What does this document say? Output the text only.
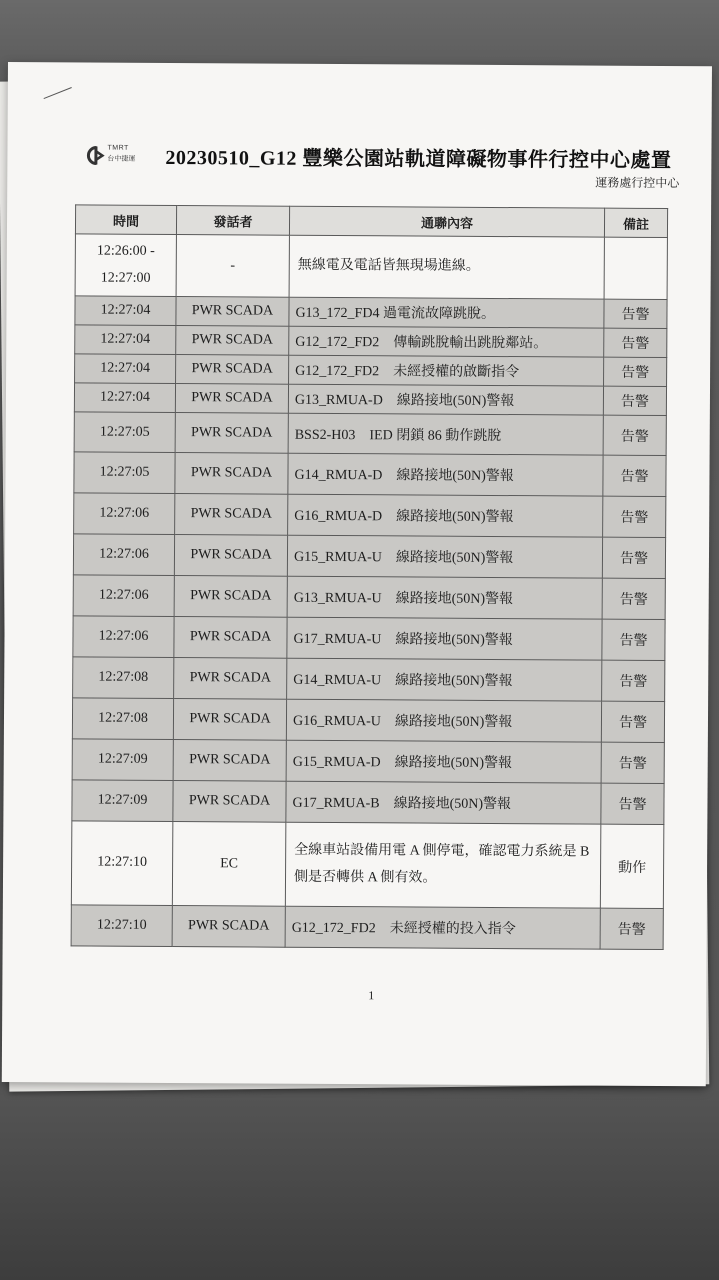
TMRT
台中捷運 20230510_G12 豐樂公園站軌道障礙物事件行控中心處置
運務處行控中心
時間	發話者	通聯內容	備註
12:26:00 - 12:27:00	-	無線電及電話皆無現場進線。	
12:27:04	PWR SCADA	G13_172_FD4 過電流故障跳脫。	告警
12:27:04	PWR SCADA	G12_172_FD2　傳輸跳脫輸出跳脫鄰站。	告警
12:27:04	PWR SCADA	G12_172_FD2　未經授權的啟斷指令	告警
12:27:04	PWR SCADA	G13_RMUA-D　線路接地(50N)警報	告警
12:27:05	PWR SCADA	BSS2-H03　IED 閉鎖 86 動作跳脫	告警
12:27:05	PWR SCADA	G14_RMUA-D　線路接地(50N)警報	告警
12:27:06	PWR SCADA	G16_RMUA-D　線路接地(50N)警報	告警
12:27:06	PWR SCADA	G15_RMUA-U　線路接地(50N)警報	告警
12:27:06	PWR SCADA	G13_RMUA-U　線路接地(50N)警報	告警
12:27:06	PWR SCADA	G17_RMUA-U　線路接地(50N)警報	告警
12:27:08	PWR SCADA	G14_RMUA-U　線路接地(50N)警報	告警
12:27:08	PWR SCADA	G16_RMUA-U　線路接地(50N)警報	告警
12:27:09	PWR SCADA	G15_RMUA-D　線路接地(50N)警報	告警
12:27:09	PWR SCADA	G17_RMUA-B　線路接地(50N)警報	告警
12:27:10	EC	全線車站設備用電 A 側停電，確認電力系統是 B 側是否轉供 A 側有效。	動作
12:27:10	PWR SCADA	G12_172_FD2　未經授權的投入指令	告警
1
